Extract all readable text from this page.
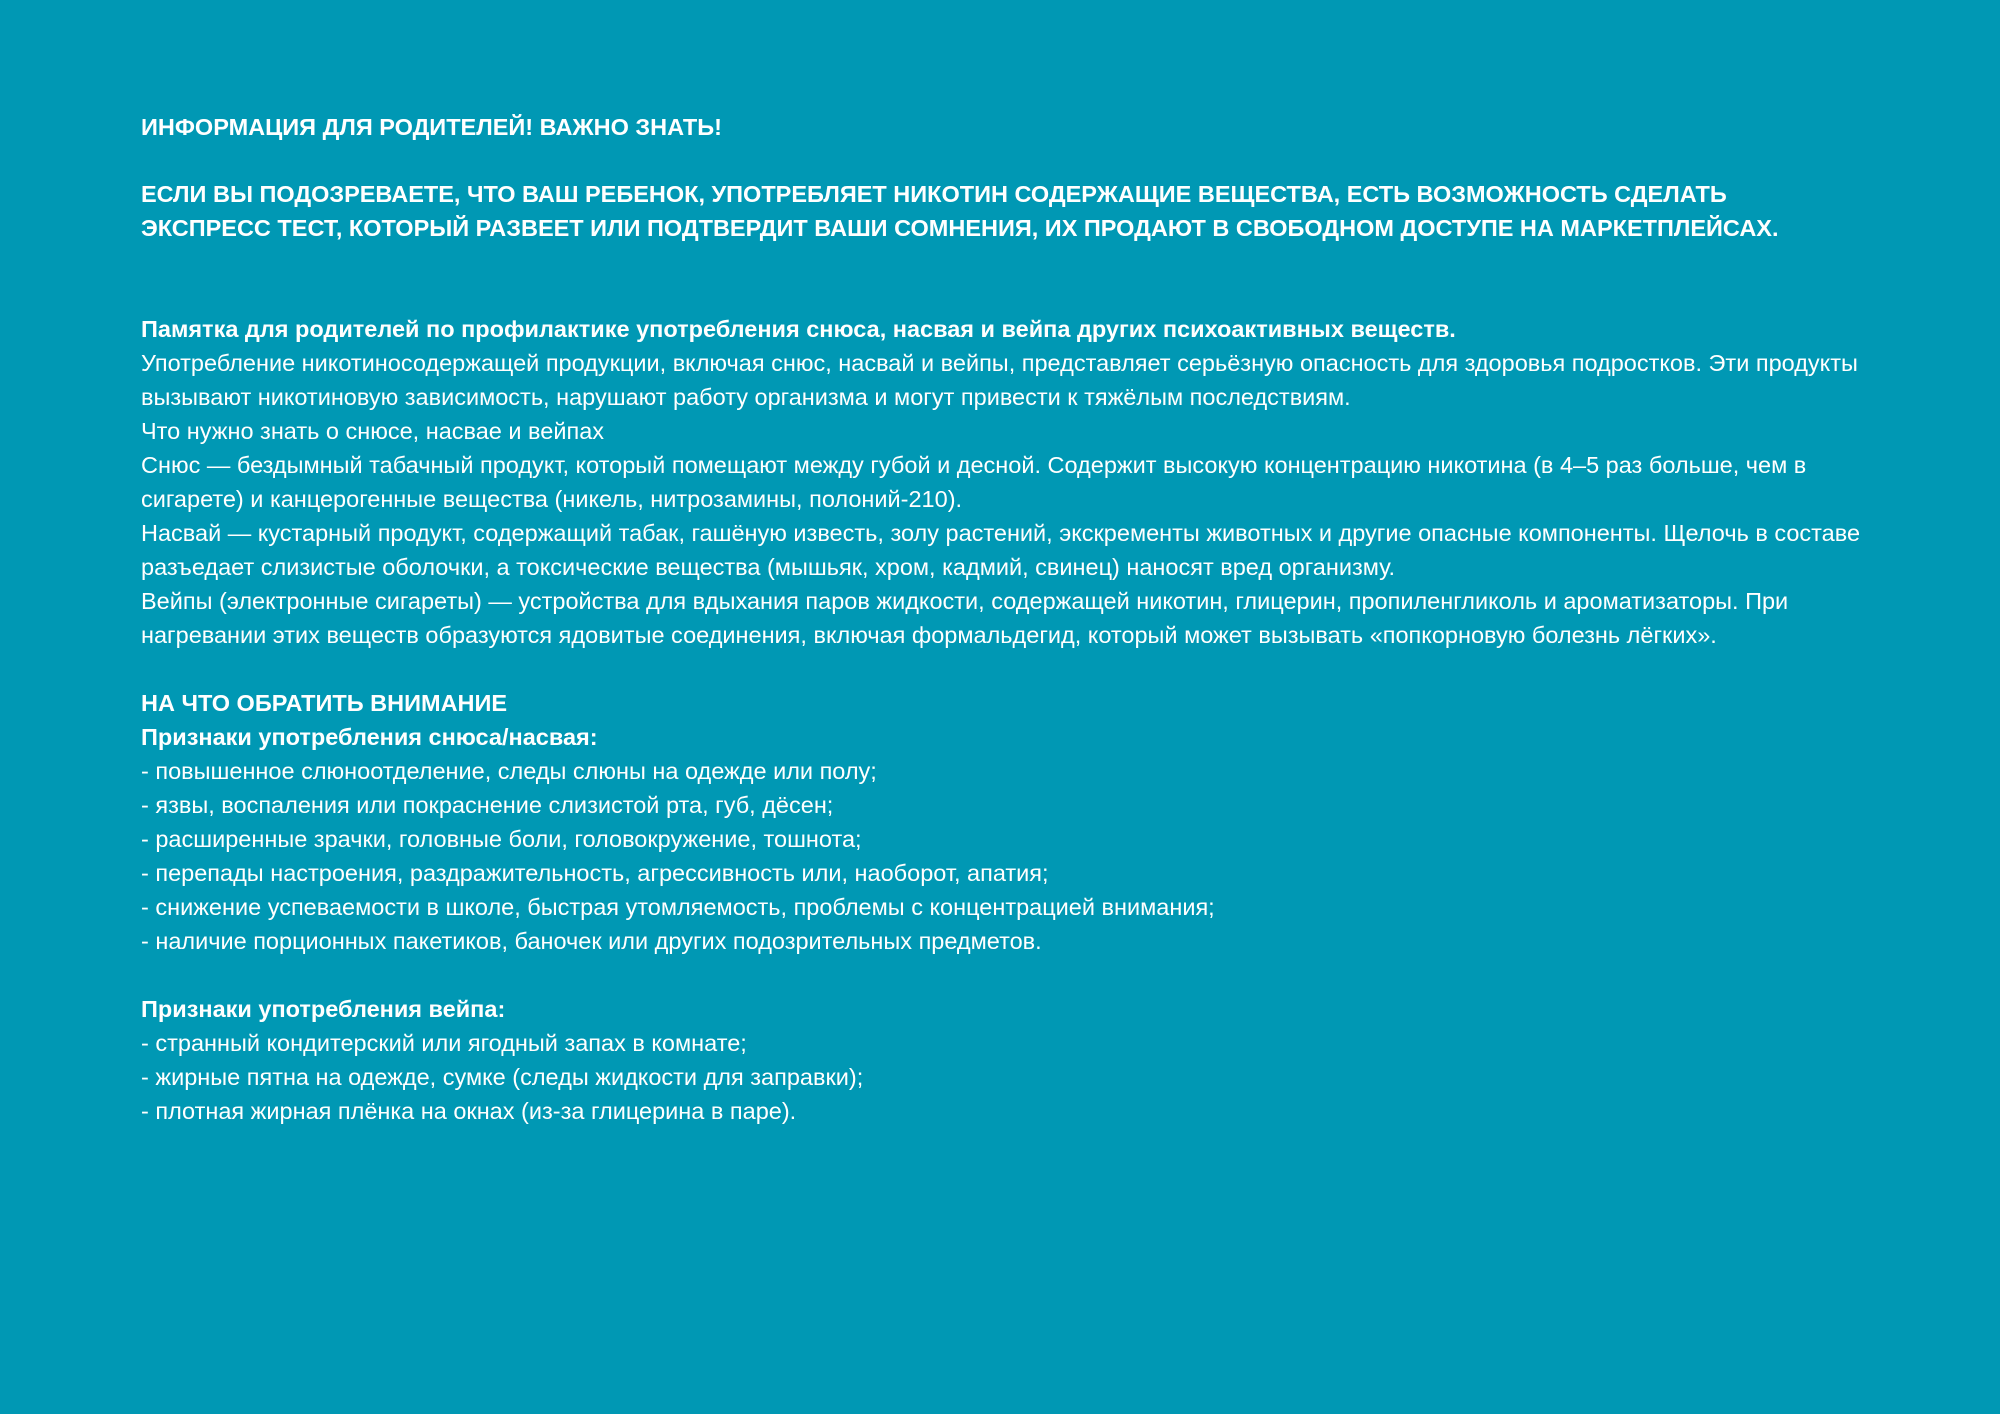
ИНФОРМАЦИЯ ДЛЯ РОДИТЕЛЕЙ! ВАЖНО ЗНАТЬ!

ЕСЛИ ВЫ ПОДОЗРЕВАЕТЕ, ЧТО ВАШ РЕБЕНОК, УПОТРЕБЛЯЕТ НИКОТИН СОДЕРЖАЩИЕ ВЕЩЕСТВА, ЕСТЬ ВОЗМОЖНОСТЬ СДЕЛАТЬ ЭКСПРЕСС ТЕСТ, КОТОРЫЙ РАЗВЕЕТ ИЛИ ПОДТВЕРДИТ ВАШИ СОМНЕНИЯ, ИХ ПРОДАЮТ В СВОБОДНОМ ДОСТУПЕ НА МАРКЕТПЛЕЙСАХ.

Памятка для родителей по профилактике употребления снюса, насвая и вейпа других психоактивных веществ.

Употребление никотиносодержащей продукции, включая снюс, насвай и вейпы, представляет серьёзную опасность для здоровья подростков. Эти продукты вызывают никотиновую зависимость, нарушают работу организма и могут привести к тяжёлым последствиям.

Что нужно знать о снюсе, насвае и вейпах

Снюс — бездымный табачный продукт, который помещают между губой и десной. Содержит высокую концентрацию никотина (в 4–5 раз больше, чем в сигарете) и канцерогенные вещества (никель, нитрозамины, полоний-210).

Насвай — кустарный продукт, содержащий табак, гашёную известь, золу растений, экскременты животных и другие опасные компоненты. Щелочь в составе разъедает слизистые оболочки, а токсические вещества (мышьяк, хром, кадмий, свинец) наносят вред организму.

Вейпы (электронные сигареты) — устройства для вдыхания паров жидкости, содержащей никотин, глицерин, пропиленгликоль и ароматизаторы. При нагревании этих веществ образуются ядовитые соединения, включая формальдегид, который может вызывать «попкорновую болезнь лёгких».

НА ЧТО ОБРАТИТЬ ВНИМАНИЕ

Признаки употребления снюса/насвая:

- повышенное слюноотделение, следы слюны на одежде или полу;
- язвы, воспаления или покраснение слизистой рта, губ, дёсен;
- расширенные зрачки, головные боли, головокружение, тошнота;
- перепады настроения, раздражительность, агрессивность или, наоборот, апатия;
- снижение успеваемости в школе, быстрая утомляемость, проблемы с концентрацией внимания;
- наличие порционных пакетиков, баночек или других подозрительных предметов.

Признаки употребления вейпа:

- странный кондитерский или ягодный запах в комнате;
- жирные пятна на одежде, сумке (следы жидкости для заправки);
- плотная жирная плёнка на окнах (из-за глицерина в паре).
